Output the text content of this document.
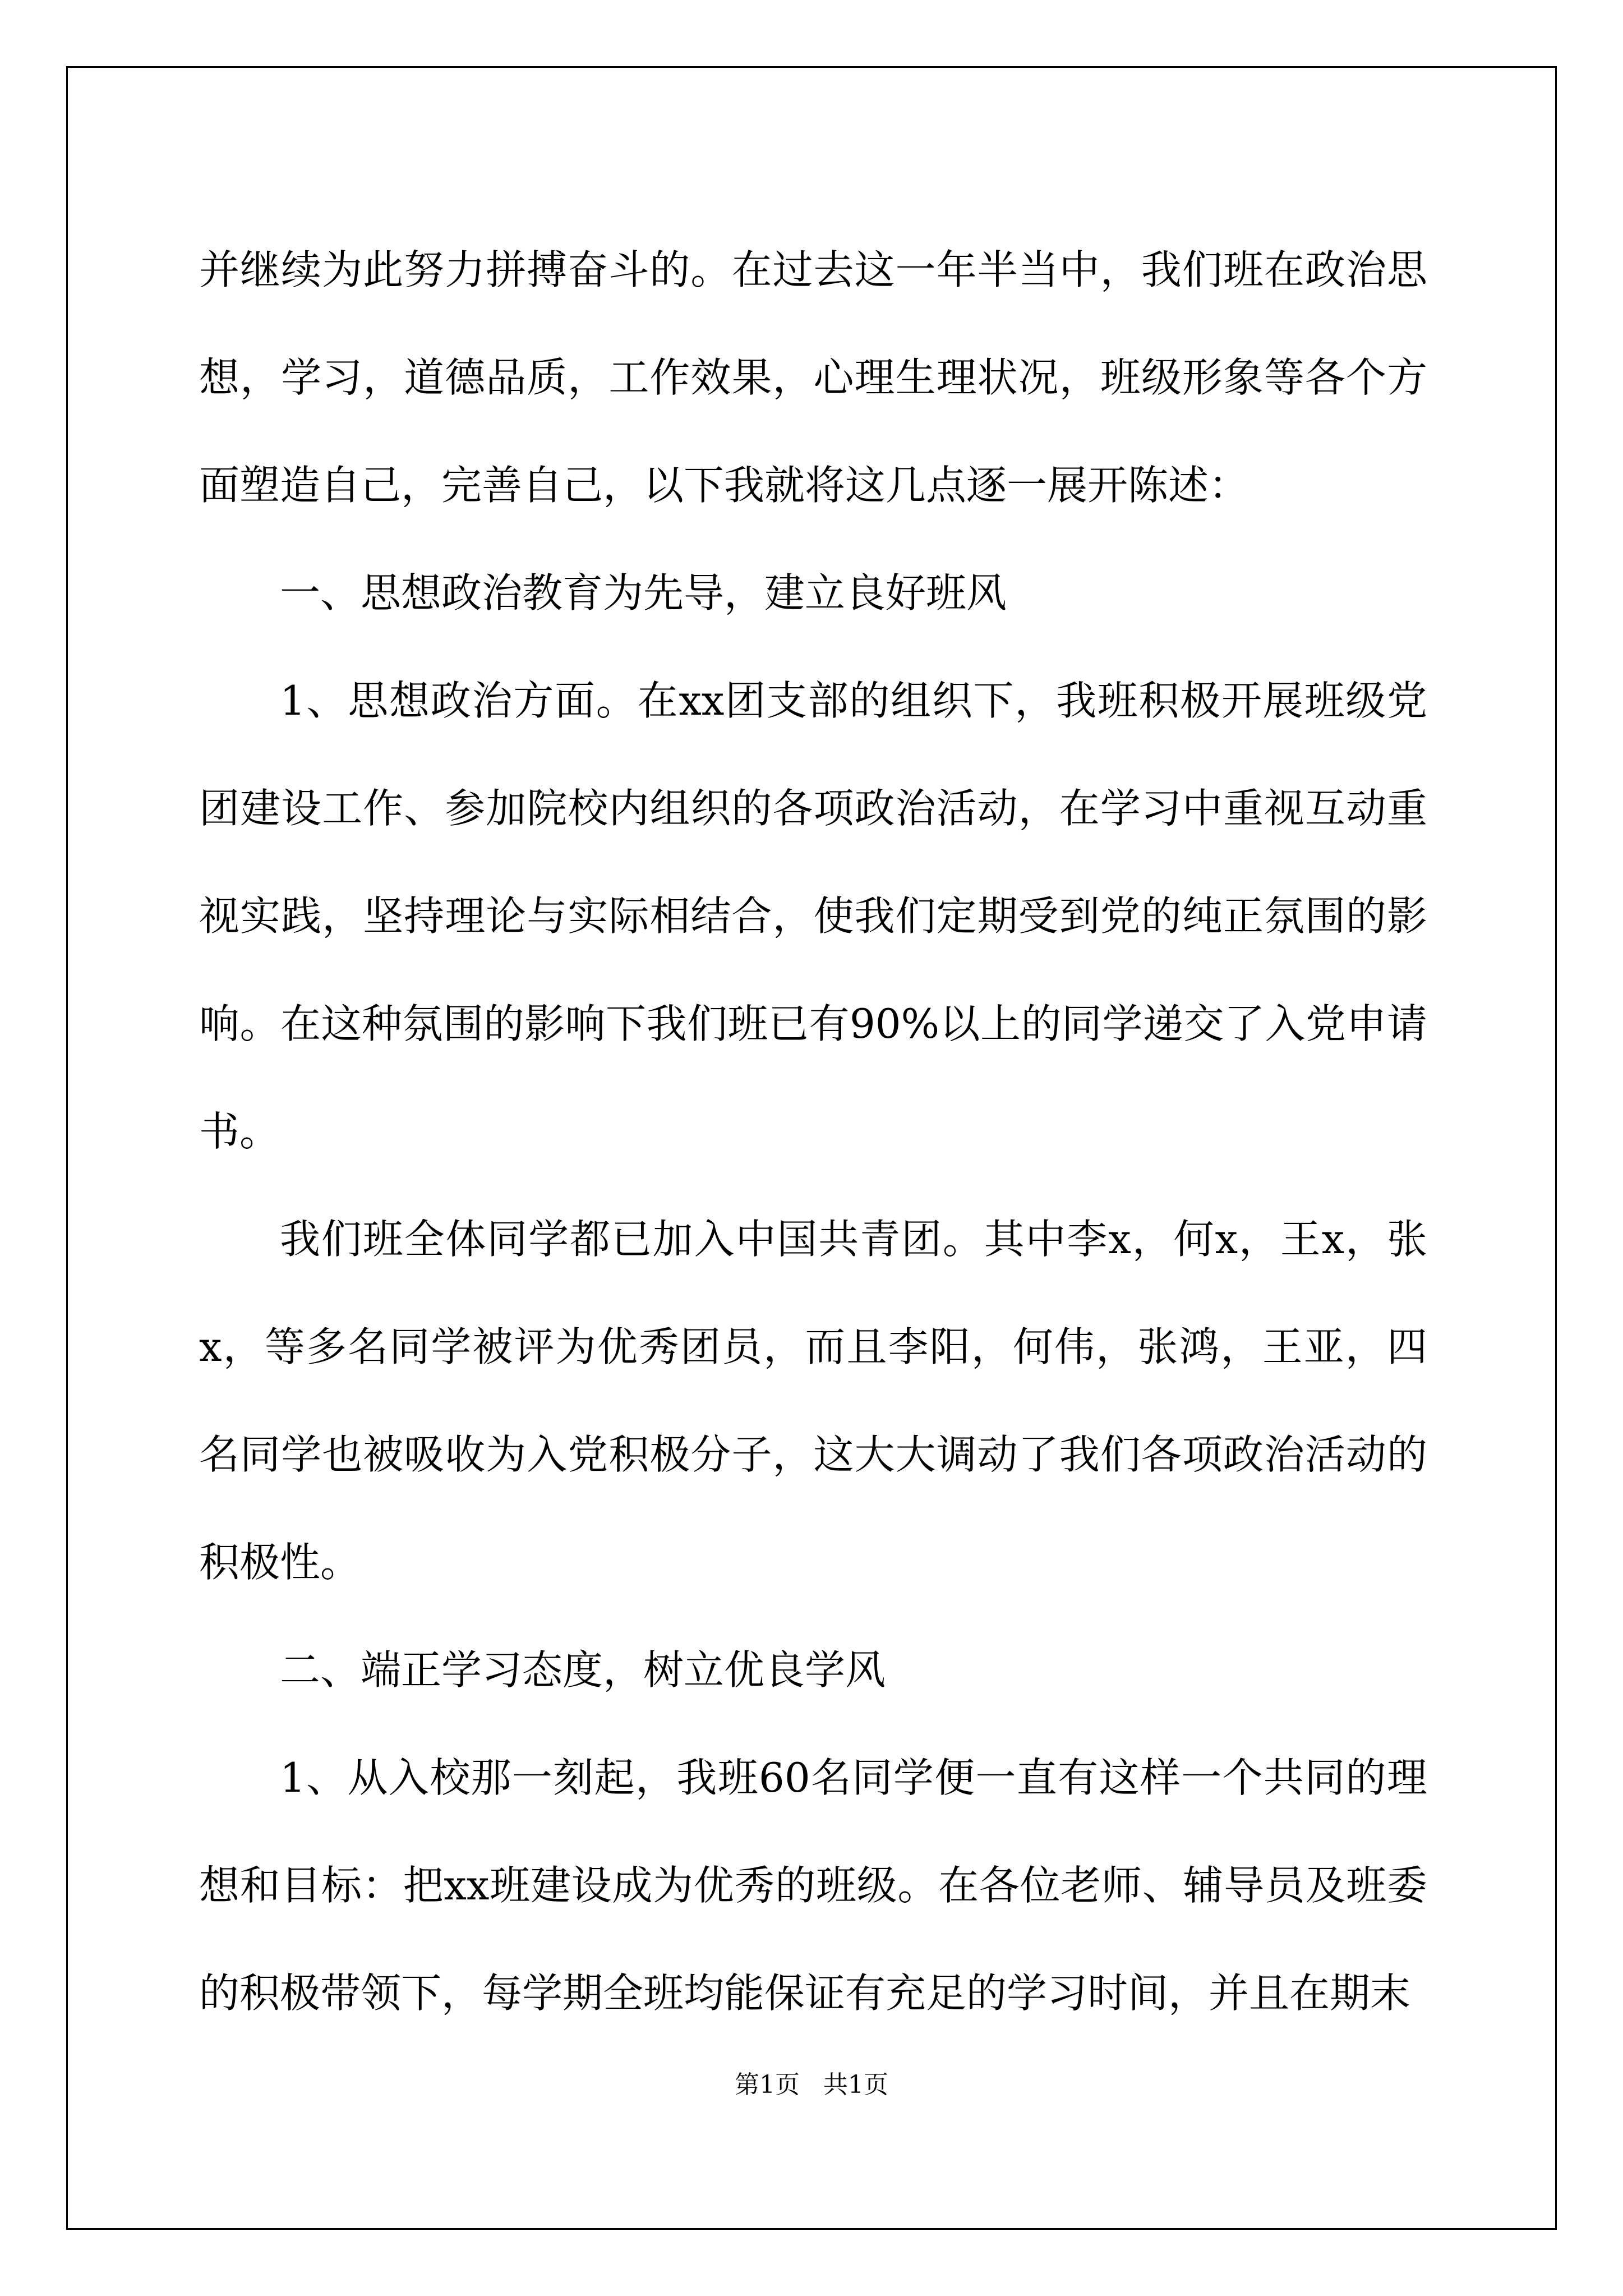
并继续为此努力拼搏奋斗的。在过去这一年半当中，我们班在政治思想，学习，道德品质，工作效果，心理生理状况，班级形象等各个方面塑造自己，完善自己，以下我就将这几点逐一展开陈述：

一、思想政治教育为先导，建立良好班风

1、思想政治方面。在xx团支部的组织下，我班积极开展班级党团建设工作、参加院校内组织的各项政治活动，在学习中重视互动重视实践，坚持理论与实际相结合，使我们定期受到党的纯正氛围的影响。在这种氛围的影响下我们班已有90%以上的同学递交了入党申请书。

我们班全体同学都已加入中国共青团。其中李x，何x，王x，张x，等多名同学被评为优秀团员，而且李阳，何伟，张鸿，王亚，四名同学也被吸收为入党积极分子，这大大调动了我们各项政治活动的积极性。

二、端正学习态度，树立优良学风

1、从入校那一刻起，我班60名同学便一直有这样一个共同的理想和目标：把xx班建设成为优秀的班级。在各位老师、辅导员及班委的积极带领下，每学期全班均能保证有充足的学习时间，并且在期末

第1页   共1页
